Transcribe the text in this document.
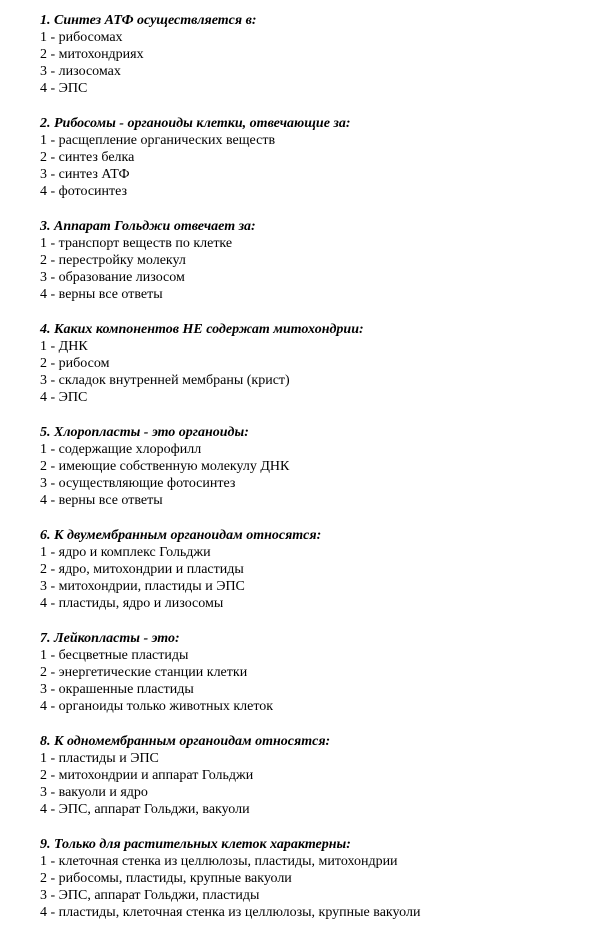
1. Синтез АТФ осуществляется в:
1 - рибосомах
2 - митохондриях
3 - лизосомах
4 - ЭПС
2. Рибосомы - органоиды клетки, отвечающие за:
1 - расщепление органических веществ
2 - синтез белка
3 - синтез АТФ
4 - фотосинтез
3. Аппарат Гольджи отвечает за:
1 - транспорт веществ по клетке
2 - перестройку молекул
3 - образование лизосом
4 - верны все ответы
4. Каких компонентов НЕ содержат митохондрии:
1 - ДНК
2 - рибосом
3 - складок внутренней мембраны (крист)
4 - ЭПС
5. Хлоропласты - это органоиды:
1 - содержащие хлорофилл
2 - имеющие собственную молекулу ДНК
3 - осуществляющие фотосинтез
4 - верны все ответы
6. К двумембранным органоидам относятся:
1 - ядро и комплекс Гольджи
2 - ядро, митохондрии и пластиды
3 - митохондрии, пластиды и ЭПС
4 - пластиды, ядро и лизосомы
7. Лейкопласты - это:
1 - бесцветные пластиды
2 - энергетические станции клетки
3 - окрашенные пластиды
4 - органоиды только животных клеток
8. К одномембранным органоидам относятся:
1 - пластиды и ЭПС
2 - митохондрии и аппарат Гольджи
3 - вакуоли и ядро
4 - ЭПС, аппарат Гольджи, вакуоли
9. Только для растительных клеток характерны:
1 - клеточная стенка из целлюлозы, пластиды, митохондрии
2 - рибосомы, пластиды, крупные вакуоли
3 - ЭПС, аппарат Гольджи, пластиды
4 - пластиды, клеточная стенка из целлюлозы, крупные вакуоли
